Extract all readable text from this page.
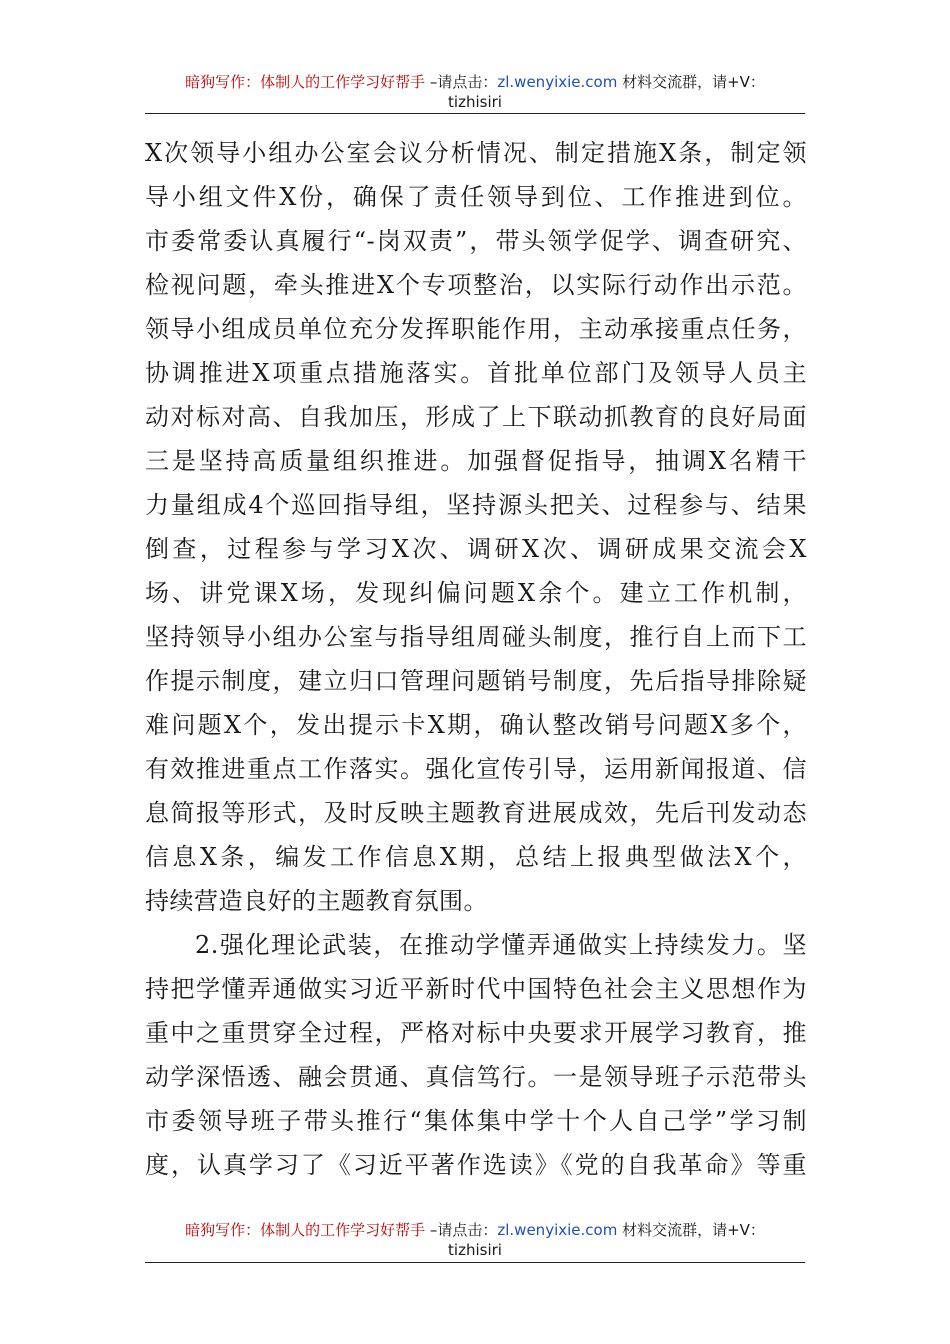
暗狗写作：体制人的工作学习好帮手 –请点击：zl.wenyixie.com 材料交流群，请+V：
tizhisiri
X次领导小组办公室会议分析情况、制定措施X条，制定领
导小组文件X份，确保了责任领导到位、工作推进到位。
市委常委认真履行“-岗双责”，带头领学促学、调查研究、
检视问题，牵头推进X个专项整治，以实际行动作出示范。
领导小组成员单位充分发挥职能作用，主动承接重点任务，
协调推进X项重点措施落实。首批单位部门及领导人员主
动对标对高、自我加压，形成了上下联动抓教育的良好局面
三是坚持高质量组织推进。加强督促指导，抽调X名精干
力量组成4个巡回指导组，坚持源头把关、过程参与、结果
倒查，过程参与学习X次、调研X次、调研成果交流会X
场、讲党课X场，发现纠偏问题X余个。建立工作机制，
坚持领导小组办公室与指导组周碰头制度，推行自上而下工
作提示制度，建立归口管理问题销号制度，先后指导排除疑
难问题X个，发出提示卡X期，确认整改销号问题X多个，
有效推进重点工作落实。强化宣传引导，运用新闻报道、信
息简报等形式，及时反映主题教育进展成效，先后刊发动态
信息X条，编发工作信息X期，总结上报典型做法X个，
持续营造良好的主题教育氛围。
2.强化理论武装，在推动学懂弄通做实上持续发力。坚
持把学懂弄通做实习近平新时代中国特色社会主义思想作为
重中之重贯穿全过程，严格对标中央要求开展学习教育，推
动学深悟透、融会贯通、真信笃行。一是领导班子示范带头
市委领导班子带头推行“集体集中学十个人自己学”学习制
度，认真学习了《习近平著作选读》《党的自我革命》等重
暗狗写作：体制人的工作学习好帮手 –请点击：zl.wenyixie.com 材料交流群，请+V：
tizhisiri
